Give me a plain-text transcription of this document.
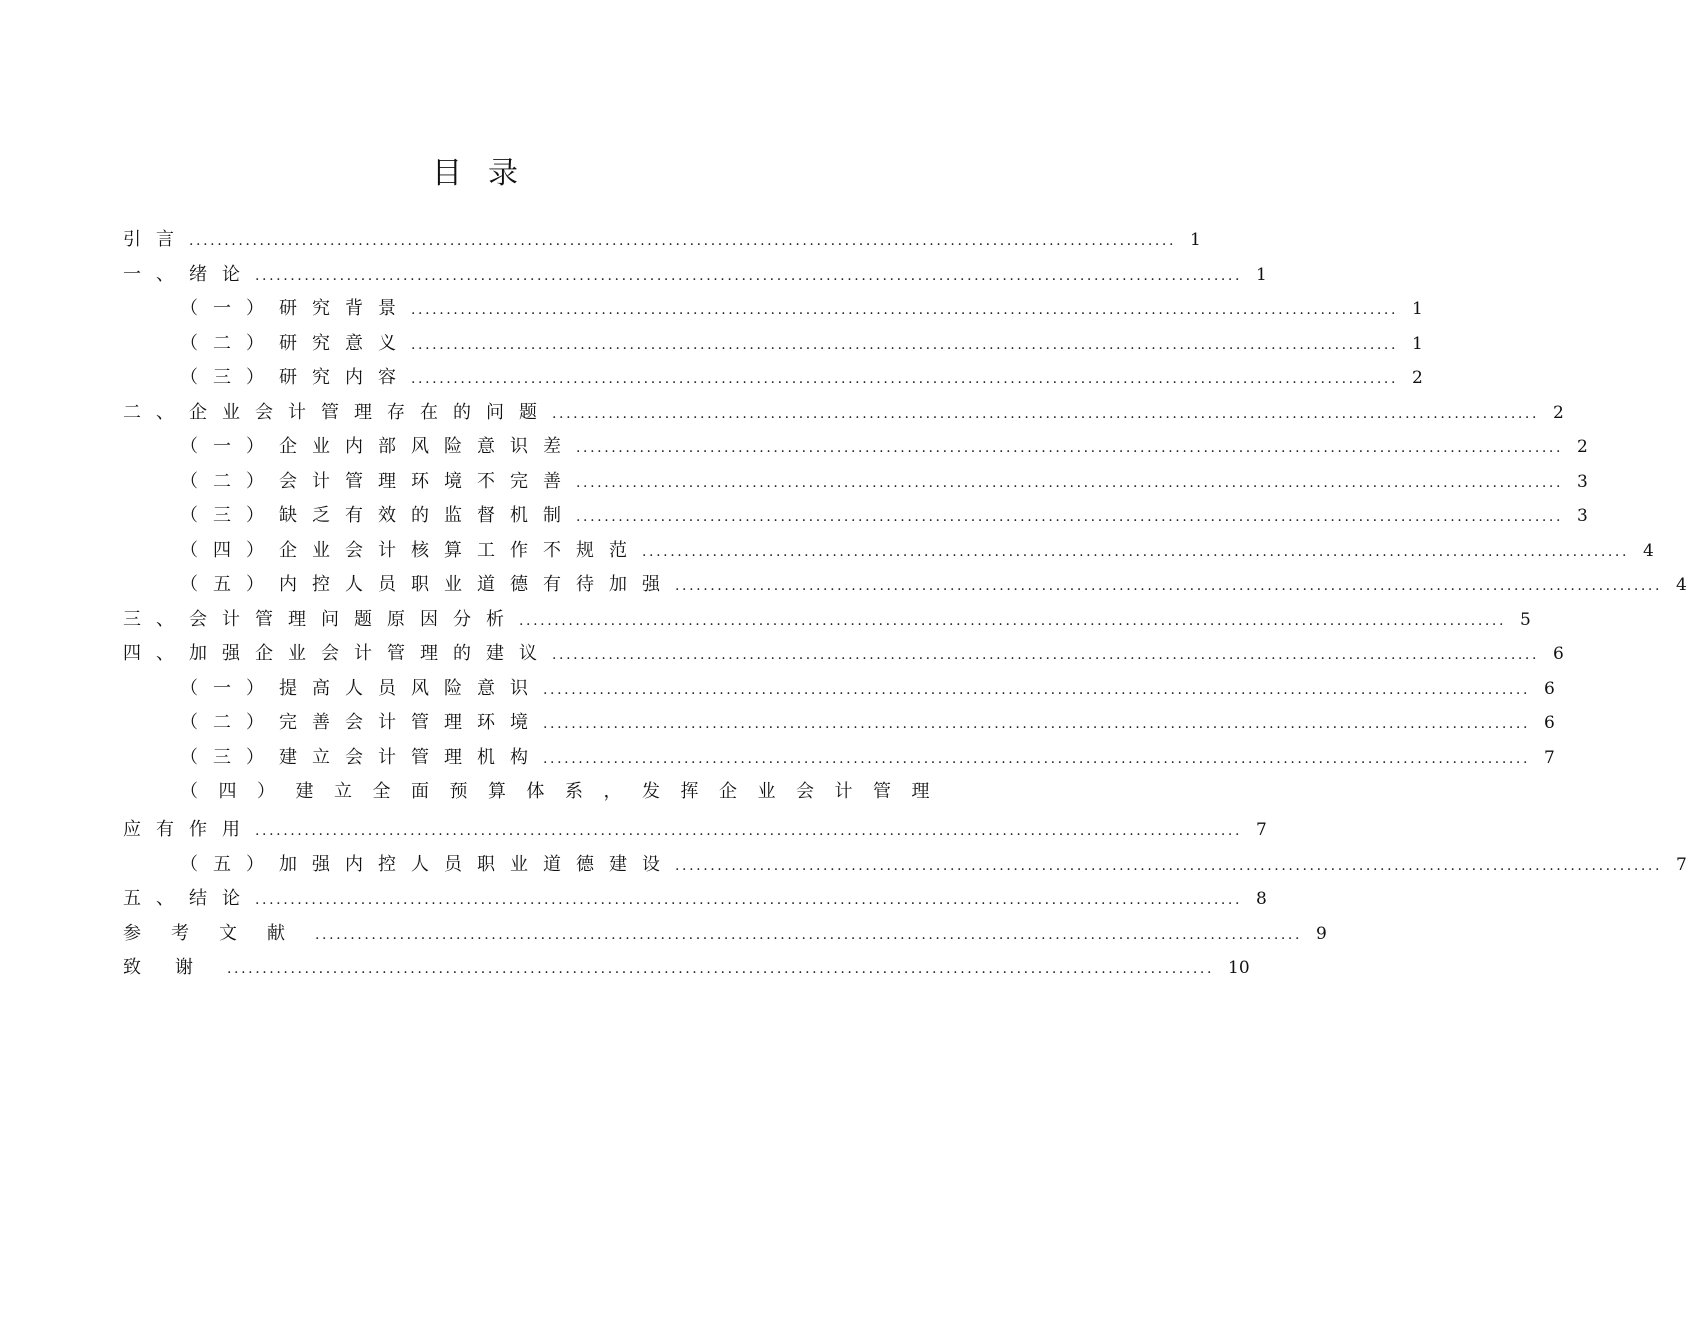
目录
引言 ............................................................................................................................................ 1
一、绪论 ............................................................................................................................................ 1
（一）研究背景 ............................................................................................................................................ 1
（二）研究意义 ............................................................................................................................................ 1
（三）研究内容 ............................................................................................................................................ 2
二、企业会计管理存在的问题 ............................................................................................................................................ 2
（一）企业内部风险意识差 ............................................................................................................................................ 2
（二）会计管理环境不完善 ............................................................................................................................................ 3
（三）缺乏有效的监督机制 ............................................................................................................................................ 3
（四）企业会计核算工作不规范 ............................................................................................................................................ 4
（五）内控人员职业道德有待加强 ............................................................................................................................................ 4
三、会计管理问题原因分析 ............................................................................................................................................ 5
四、加强企业会计管理的建议 ............................................................................................................................................ 6
（一）提高人员风险意识 ............................................................................................................................................ 6
（二）完善会计管理环境 ............................................................................................................................................ 6
（三）建立会计管理机构 ............................................................................................................................................ 7
（四）建立全面预算体系，发挥企业会计管理
应有作用 ............................................................................................................................................ 7
（五）加强内控人员职业道德建设 ............................................................................................................................................ 7
五、结论 ............................................................................................................................................ 8
参考文献 ............................................................................................................................................ 9
致谢 ............................................................................................................................................ 10
